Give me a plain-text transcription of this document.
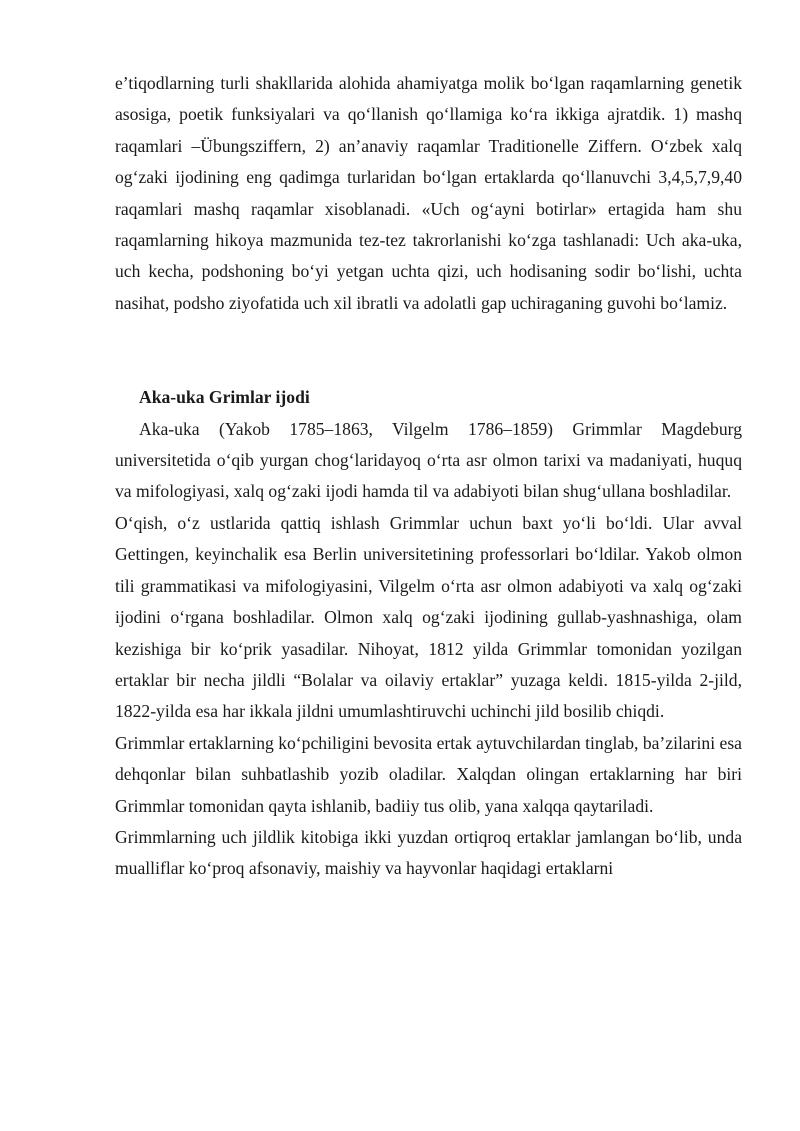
e’tiqodlarning turli shakllarida alohida ahamiyatga molik bo‘lgan raqamlarning genetik asosiga, poetik funksiyalari va qo‘llanish qo‘llamiga ko‘ra ikkiga ajratdik. 1) mashq raqamlari –Übungsziffern, 2) an’anaviy raqamlar Traditionelle Ziffern. O‘zbek xalq og‘zaki ijodining eng qadimga turlaridan bo‘lgan ertaklarda qo‘llanuvchi 3,4,5,7,9,40 raqamlari mashq raqamlar xisoblanadi. «Uch og‘ayni botirlar» ertagida ham shu raqamlarning hikoya mazmunida tez-tez takrorlanishi ko‘zga tashlanadi: Uch aka-uka, uch kecha, podshoning bo‘yi yetgan uchta qizi, uch hodisaning sodir bo‘lishi, uchta nasihat, podsho ziyofatida uch xil ibratli va adolatli gap uchiraganing guvohi bo‘lamiz.

Aka-uka Grimlar ijodi

Aka-uka (Yakob 1785–1863, Vilgelm 1786–1859) Grimmlar Magdeburg universitetida o‘qib yurgan chog‘laridayoq o‘rta asr olmon tarixi va madaniyati, huquq va mifologiyasi, xalq og‘zaki ijodi hamda til va adabiyoti bilan shug‘ullana boshladilar.

O‘qish, o‘z ustlarida qattiq ishlash Grimmlar uchun baxt yo‘li bo‘ldi. Ular avval Gettingen, keyinchalik esa Berlin universitetining professorlari bo‘ldilar. Yakob olmon tili grammatikasi va mifologiyasini, Vilgelm o‘rta asr olmon adabiyoti va xalq og‘zaki ijodini o‘rgana boshladilar. Olmon xalq og‘zaki ijodining gullab-yashnashiga, olam kezishiga bir ko‘prik yasadilar. Nihoyat, 1812 yilda Grimmlar tomonidan yozilgan ertaklar bir necha jildli “Bolalar va oilaviy ertaklar” yuzaga keldi. 1815-yilda 2-jild, 1822-yilda esa har ikkala jildni umumlashtiruvchi uchinchi jild bosilib chiqdi.

Grimmlar ertaklarning ko‘pchiligini bevosita ertak aytuvchilardan tinglab, ba’zilarini esa dehqonlar bilan suhbatlashib yozib oladilar. Xalqdan olingan ertaklarning har biri Grimmlar tomonidan qayta ishlanib, badiiy tus olib, yana xalqqa qaytariladi.

Grimmlarning uch jildlik kitobiga ikki yuzdan ortiqroq ertaklar jamlangan bo‘lib, unda mualliflar ko‘proq afsonaviy, maishiy va hayvonlar haqidagi ertaklarni
